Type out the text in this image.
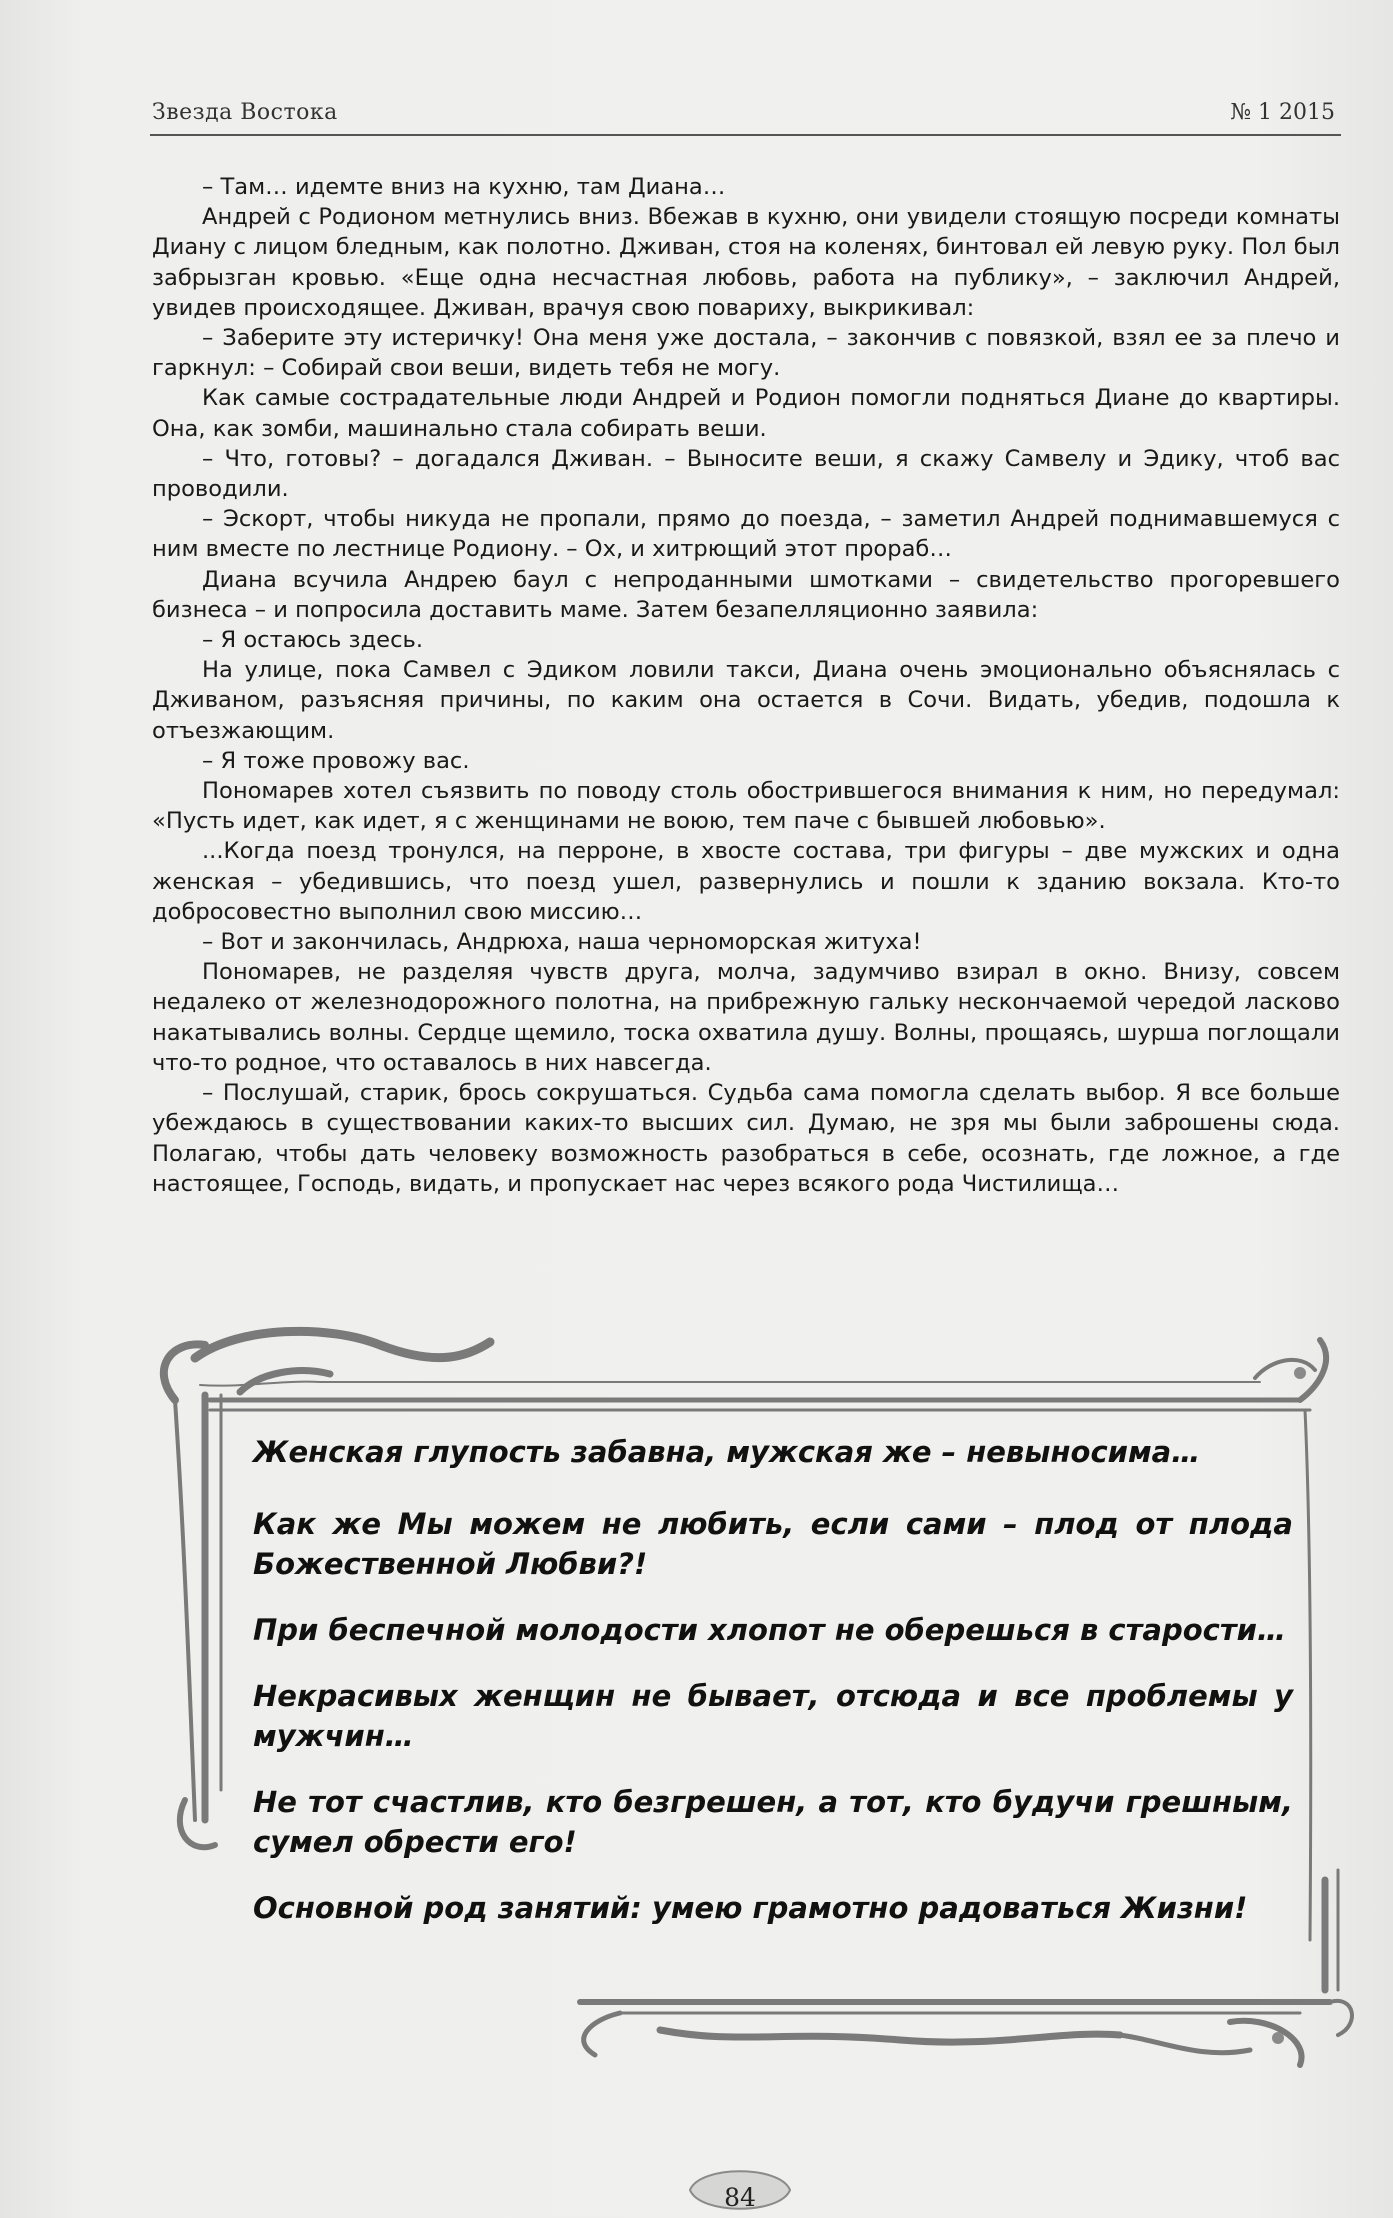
Звезда Востока	№ 1 2015

– Там… идемте вниз на кухню, там Диана…

Андрей с Родионом метнулись вниз. Вбежав в кухню, они увидели стоящую посреди комнаты Диану с лицом бледным, как полотно. Дживан, стоя на коленях, бинтовал ей левую руку. Пол был забрызган кровью. «Еще одна несчастная любовь, работа на публику», – заключил Андрей, увидев происходящее. Дживан, врачуя свою повариху, выкрикивал:

– Заберите эту истеричку! Она меня уже достала, – закончив с повязкой, взял ее за плечо и гаркнул: – Собирай свои веши, видеть тебя не могу.

Как самые сострадательные люди Андрей и Родион помогли подняться Диане до квартиры. Она, как зомби, машинально стала собирать веши.

– Что, готовы? – догадался Дживан. – Выносите веши, я скажу Самвелу и Эдику, чтоб вас проводили.

– Эскорт, чтобы никуда не пропали, прямо до поезда, – заметил Андрей поднимавшемуся с ним вместе по лестнице Родиону. – Ох, и хитрющий этот прораб…

Диана всучила Андрею баул с непроданными шмотками – свидетельство прогоревшего бизнеса – и попросила доставить маме. Затем безапелляционно заявила:

– Я остаюсь здесь.

На улице, пока Самвел с Эдиком ловили такси, Диана очень эмоционально объяснялась с Дживаном, разъясняя причины, по каким она остается в Сочи. Видать, убедив, подошла к отъезжающим.

– Я тоже провожу вас.

Пономарев хотел съязвить по поводу столь обострившегося внимания к ним, но передумал: «Пусть идет, как идет, я с женщинами не воюю, тем паче с бывшей любовью».

...Когда поезд тронулся, на перроне, в хвосте состава, три фигуры – две мужских и одна женская – убедившись, что поезд ушел, развернулись и пошли к зданию вокзала. Кто-то добросовестно выполнил свою миссию…

– Вот и закончилась, Андрюха, наша черноморская житуха!

Пономарев, не разделяя чувств друга, молча, задумчиво взирал в окно. Внизу, совсем недалеко от железнодорожного полотна, на прибрежную гальку нескончаемой чередой ласково накатывались волны. Сердце щемило, тоска охватила душу. Волны, прощаясь, шурша поглощали что-то родное, что оставалось в них навсегда.

– Послушай, старик, брось сокрушаться. Судьба сама помогла сделать выбор. Я все больше убеждаюсь в существовании каких-то высших сил. Думаю, не зря мы были заброшены сюда. Полагаю, чтобы дать человеку возможность разобраться в себе, осознать, где ложное, а где настоящее, Господь, видать, и пропускает нас через всякого рода Чистилища…

Женская глупость забавна, мужская же – невыносима…

Как же Мы можем не любить, если сами – плод от плода Божественной Любви?!

При беспечной молодости хлопот не оберешься в старости…

Некрасивых женщин не бывает, отсюда и все проблемы у мужчин…

Не тот счастлив, кто безгрешен, а тот, кто будучи грешным, сумел обрести его!

Основной род занятий: умею грамотно радоваться Жизни!

84
